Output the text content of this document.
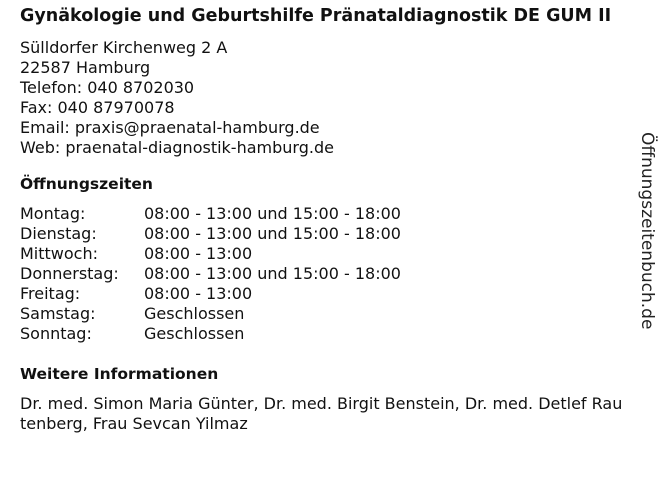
Gynäkologie und Geburtshilfe Pränataldiagnostik DE GUM II
Sülldorfer Kirchenweg 2 A
22587 Hamburg
Telefon: 040 8702030
Fax: 040 87970078
Email: praxis@praenatal-hamburg.de
Web: praenatal-diagnostik-hamburg.de
Öffnungszeiten
Montag:	08:00 - 13:00 und 15:00 - 18:00
Dienstag:	08:00 - 13:00 und 15:00 - 18:00
Mittwoch:	08:00 - 13:00
Donnerstag:	08:00 - 13:00 und 15:00 - 18:00
Freitag:	08:00 - 13:00
Samstag:	Geschlossen
Sonntag:	Geschlossen
Weitere Informationen
Dr. med. Simon Maria Günter, Dr. med. Birgit Benstein, Dr. med. Detlef Rautenberg, Frau Sevcan Yilmaz
Öffnungszeitenbuch.de
